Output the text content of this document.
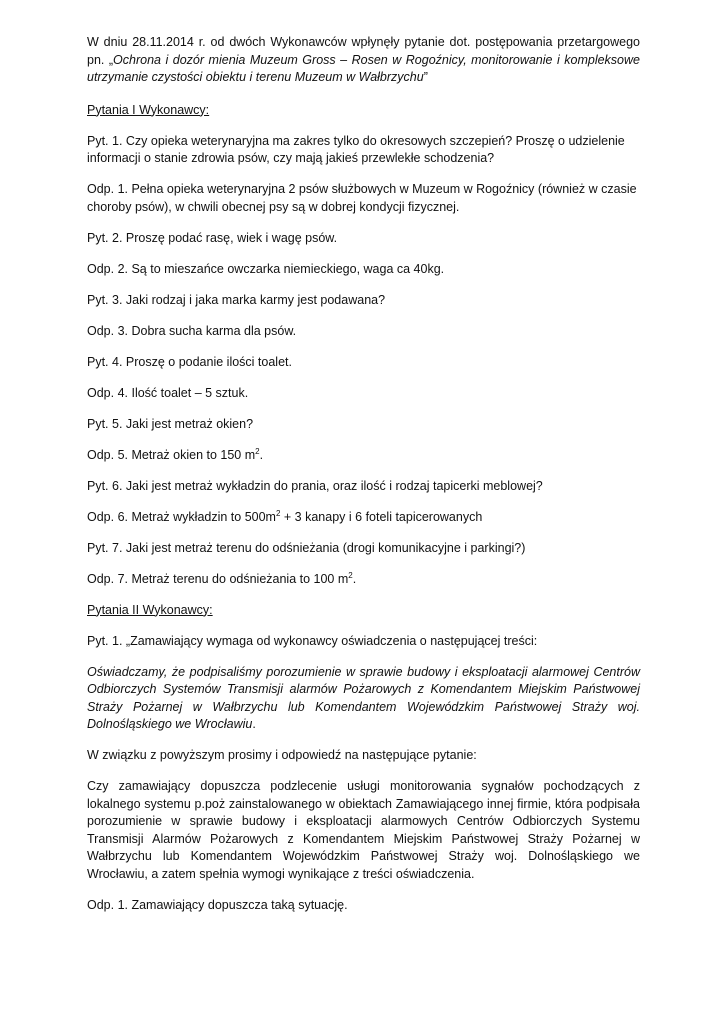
W dniu 28.11.2014 r. od dwóch Wykonawców wpłynęły pytanie dot. postępowania przetargowego pn. „Ochrona i dozór mienia Muzeum Gross – Rosen w Rogoźnicy, monitorowanie i kompleksowe utrzymanie czystości obiektu i terenu Muzeum w Wałbrzychu”

Pytania I Wykonawcy:

Pyt. 1. Czy opieka weterynaryjna ma zakres tylko do okresowych szczepień? Proszę o udzielenie informacji o stanie zdrowia psów, czy mają jakieś przewlekłe schodzenia?

Odp. 1. Pełna opieka weterynaryjna 2 psów służbowych w Muzeum w Rogoźnicy (również w czasie choroby psów), w chwili obecnej psy są w dobrej kondycji fizycznej.

Pyt. 2. Proszę podać rasę, wiek i wagę psów.

Odp. 2. Są to mieszańce owczarka niemieckiego, waga ca 40kg.

Pyt. 3. Jaki rodzaj i jaka marka karmy jest podawana?

Odp. 3. Dobra sucha karma dla psów.

Pyt. 4. Proszę o podanie ilości toalet.

Odp. 4. Ilość toalet – 5 sztuk.

Pyt. 5. Jaki jest metraż okien?

Odp. 5. Metraż okien to 150 $m^2$.

Pyt. 6. Jaki jest metraż wykładzin do prania, oraz ilość i rodzaj tapicerki meblowej?

Odp. 6. Metraż wykładzin to $500m^2 + 3$ kanapy i 6 foteli tapicerowanych

Pyt. 7. Jaki jest metraż terenu do odśnieżania (drogi komunikacyjne i parkingi?)

Odp. 7. Metraż terenu do odśnieżania to 100 $m^2$.

Pytania II Wykonawcy:

Pyt. 1. „Zamawiający wymaga od wykonawcy oświadczenia o następującej treści:

Oświadczamy, że podpisaliśmy porozumienie w sprawie budowy i eksploatacji alarmowej Centrów Odbiorczych Systemów Transmisji alarmów Pożarowych z Komendantem Miejskim Państwowej Straży Pożarnej w Wałbrzychu lub Komendantem Wojewódzkim Państwowej Straży woj. Dolnośląskiego we Wrocławiu.

W związku z powyższym prosimy i odpowiedź na następujące pytanie:

Czy zamawiający dopuszcza podzlecenie usługi monitorowania sygnałów pochodzących z lokalnego systemu p.poż zainstalowanego w obiektach Zamawiającego innej firmie, która podpisała porozumienie w sprawie budowy i eksploatacji alarmowych Centrów Odbiorczych Systemu Transmisji Alarmów Pożarowych z Komendantem Miejskim Państwowej Straży Pożarnej w Wałbrzychu lub Komendantem Wojewódzkim Państwowej Straży woj. Dolnośląskiego we Wrocławiu, a zatem spełnia wymogi wynikające z treści oświadczenia.

Odp. 1. Zamawiający dopuszcza taką sytuację.
